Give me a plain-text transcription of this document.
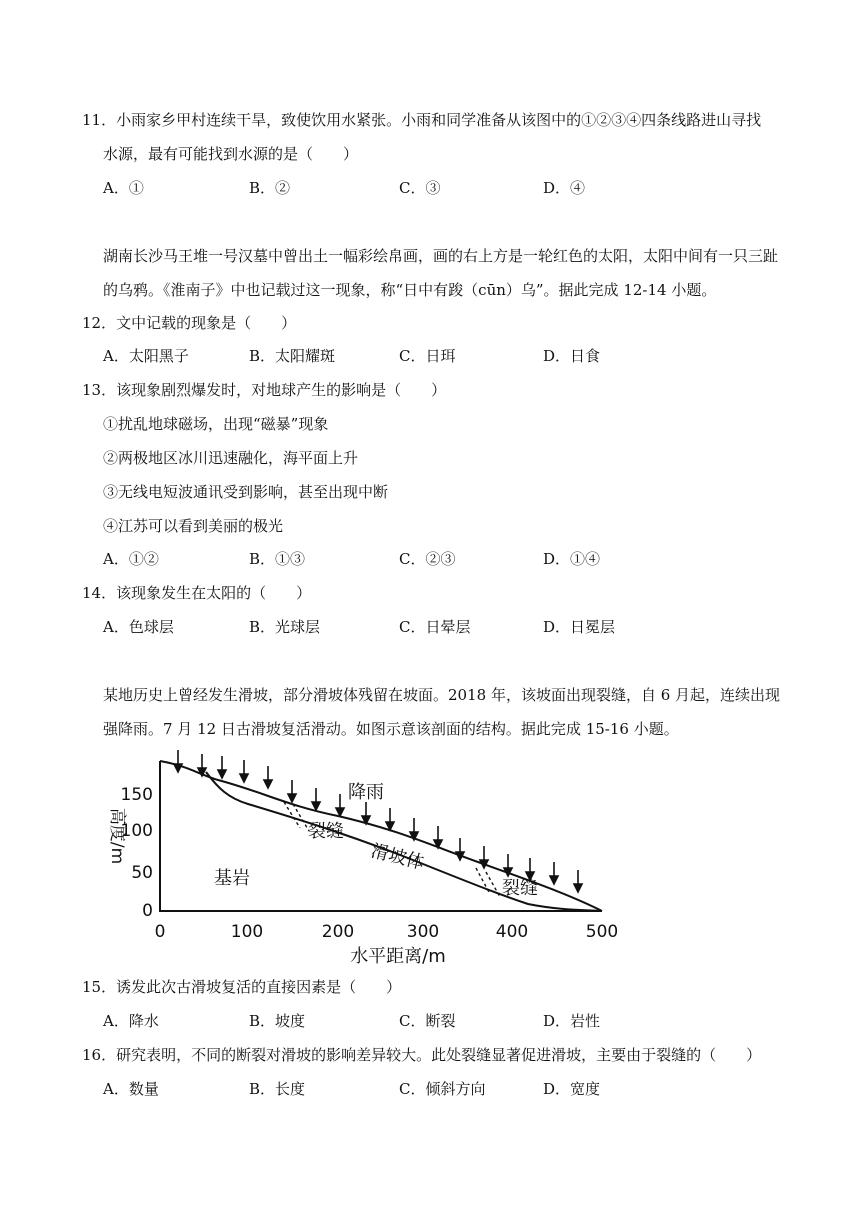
11．小雨家乡甲村连续干旱，致使饮用水紧张。小雨和同学准备从该图中的①②③④四条线路进山寻找
水源，最有可能找到水源的是（　　）
A．①	B．②	C．③	D．④
湖南长沙马王堆一号汉墓中曾出土一幅彩绘帛画，画的右上方是一轮红色的太阳，太阳中间有一只三趾
的乌鸦。《淮南子》中也记载过这一现象，称“日中有踆（cūn）乌”。据此完成 12-14 小题。
12．文中记载的现象是（　　）
A．太阳黑子	B．太阳耀斑	C．日珥	D．日食
13．该现象剧烈爆发时，对地球产生的影响是（　　）
①扰乱地球磁场，出现“磁暴”现象
②两极地区冰川迅速融化，海平面上升
③无线电短波通讯受到影响，甚至出现中断
④江苏可以看到美丽的极光
A．①②	B．①③	C．②③	D．①④
14．该现象发生在太阳的（　　）
A．色球层	B．光球层	C．日晕层	D．日冕层
某地历史上曾经发生滑坡，部分滑坡体残留在坡面。2018 年，该坡面出现裂缝，自 6 月起，连续出现
强降雨。7 月 12 日古滑坡复活滑动。如图示意该剖面的结构。据此完成 15-16 小题。
150
100
50
0
0	100	200	300	400	500
高度/m
水平距离/m
降雨
裂缝
滑坡体
裂缝
基岩
15．诱发此次古滑坡复活的直接因素是（　　）
A．降水	B．坡度	C．断裂	D．岩性
16．研究表明，不同的断裂对滑坡的影响差异较大。此处裂缝显著促进滑坡，主要由于裂缝的（　　）
A．数量	B．长度	C．倾斜方向	D．宽度
